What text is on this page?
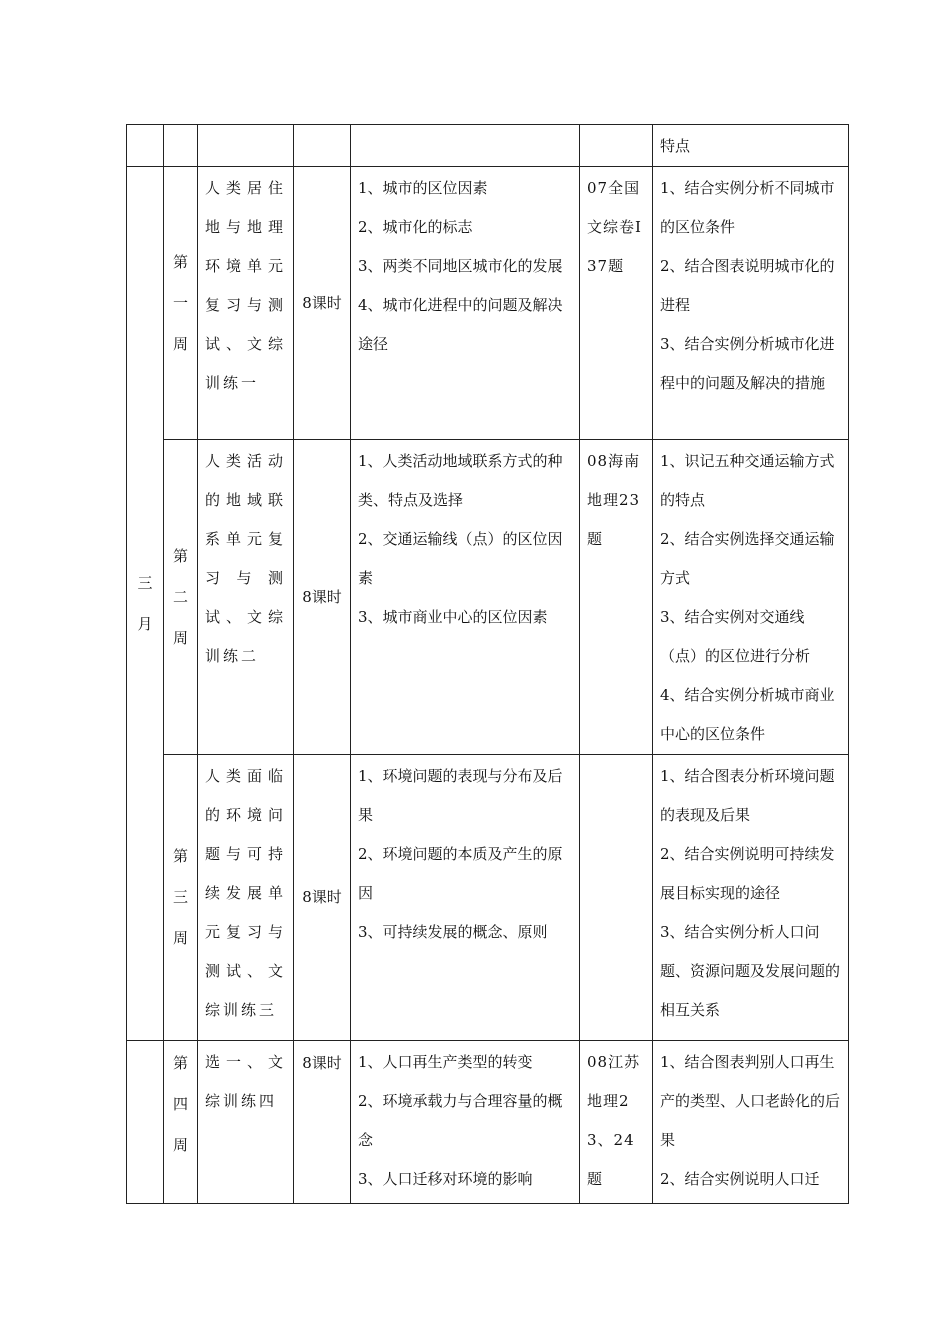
						特点
三月	第一周	人类居住地与地理环境单元复习与测试、文综训练一	8课时	1、城市的区位因素
2、城市化的标志
3、两类不同地区城市化的发展
4、城市化进程中的问题及解决途径	07全国文综卷Ⅰ 37题	1、结合实例分析不同城市的区位条件
2、结合图表说明城市化的进程
3、结合实例分析城市化进程中的问题及解决的措施

	第二周	人类活动的地域联系单元复习与测试、文综训练二	8课时	1、人类活动地域联系方式的种类、特点及选择
2、交通运输线（点）的区位因素
3、城市商业中心的区位因素	08海南地理23题	1、识记五种交通运输方式的特点
2、结合实例选择交通运输方式
3、结合实例对交通线（点）的区位进行分析
4、结合实例分析城市商业中心的区位条件

	第三周	人类面临的环境问题与可持续发展单元复习与测试、文综训练三	8课时	1、环境问题的表现与分布及后果
2、环境问题的本质及产生的原因
3、可持续发展的概念、原则		1、结合图表分析环境问题的表现及后果
2、结合实例说明可持续发展目标实现的途径
3、结合实例分析人口问题、资源问题及发展问题的相互关系

	第四周	选一、文综训练四	8课时	1、人口再生产类型的转变
2、环境承载力与合理容量的概念
3、人口迁移对环境的影响	08江苏地理23、24题	1、结合图表判别人口再生产的类型、人口老龄化的后果
2、结合实例说明人口迁
